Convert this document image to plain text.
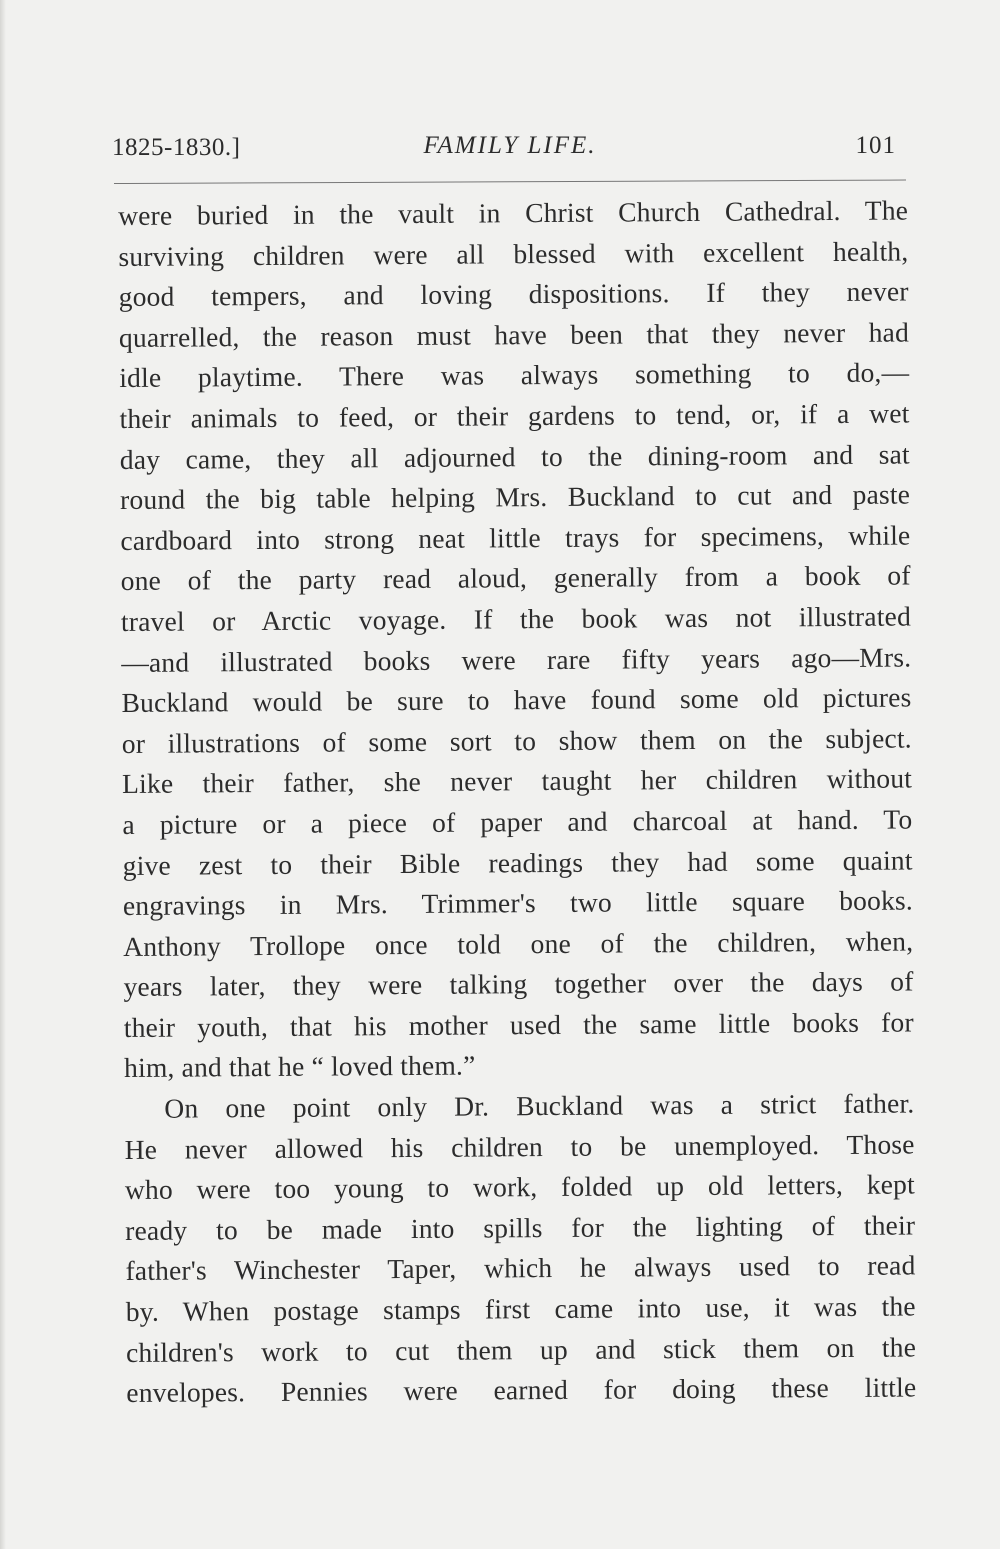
1825-1830.]	FAMILY LIFE.	101
were buried in the vault in Christ Church Cathedral. The
surviving children were all blessed with excellent health,
good tempers, and loving dispositions. If they never
quarrelled, the reason must have been that they never had
idle playtime. There was always something to do,—
their animals to feed, or their gardens to tend, or, if a wet
day came, they all adjourned to the dining-room and sat
round the big table helping Mrs. Buckland to cut and paste
cardboard into strong neat little trays for specimens, while
one of the party read aloud, generally from a book of
travel or Arctic voyage. If the book was not illustrated
—and illustrated books were rare fifty years ago—Mrs.
Buckland would be sure to have found some old pictures
or illustrations of some sort to show them on the subject.
Like their father, she never taught her children without
a picture or a piece of paper and charcoal at hand. To
give zest to their Bible readings they had some quaint
engravings in Mrs. Trimmer's two little square books.
Anthony Trollope once told one of the children, when,
years later, they were talking together over the days of
their youth, that his mother used the same little books for
him, and that he “ loved them.”
On one point only Dr. Buckland was a strict father.
He never allowed his children to be unemployed. Those
who were too young to work, folded up old letters, kept
ready to be made into spills for the lighting of their
father's Winchester Taper, which he always used to read
by. When postage stamps first came into use, it was the
children's work to cut them up and stick them on the
envelopes. Pennies were earned for doing these little
